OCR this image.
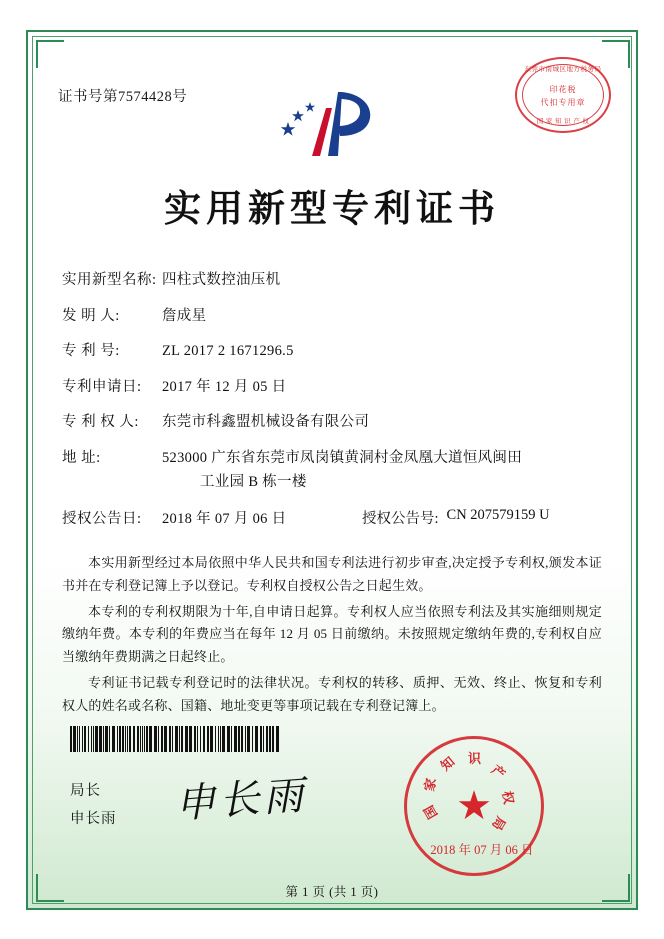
证书号第7574428号
东莞市南城区地方税务局
印花税
代扣专用章
国 家 知 识 产 权
实用新型专利证书
实用新型名称: 四柱式数控油压机
发 明 人:	詹成星
专 利 号:	ZL 2017 2 1671296.5
专利申请日:	2017 年 12 月 05 日
专 利 权 人:	东莞市科鑫盟机械设备有限公司
地 址:	523000 广东省东莞市凤岗镇黄洞村金凤凰大道恒风闽田
工业园 B 栋一楼
授权公告日:	2018 年 07 月 06 日	授权公告号: CN 207579159 U

本实用新型经过本局依照中华人民共和国专利法进行初步审查,决定授予专利权,颁发本证书并在专利登记簿上予以登记。专利权自授权公告之日起生效。

本专利的专利权期限为十年,自申请日起算。专利权人应当依照专利法及其实施细则规定缴纳年费。本专利的年费应当在每年 12 月 05 日前缴纳。未按照规定缴纳年费的,专利权自应当缴纳年费期满之日起终止。

专利证书记载专利登记时的法律状况。专利权的转移、质押、无效、终止、恢复和专利权人的姓名或名称、国籍、地址变更等事项记载在专利登记簿上。

国
家
知 识
产
权
局
★
2018 年 07 月 06 日
申长雨
局长
申长雨
第 1 页 (共 1 页)
